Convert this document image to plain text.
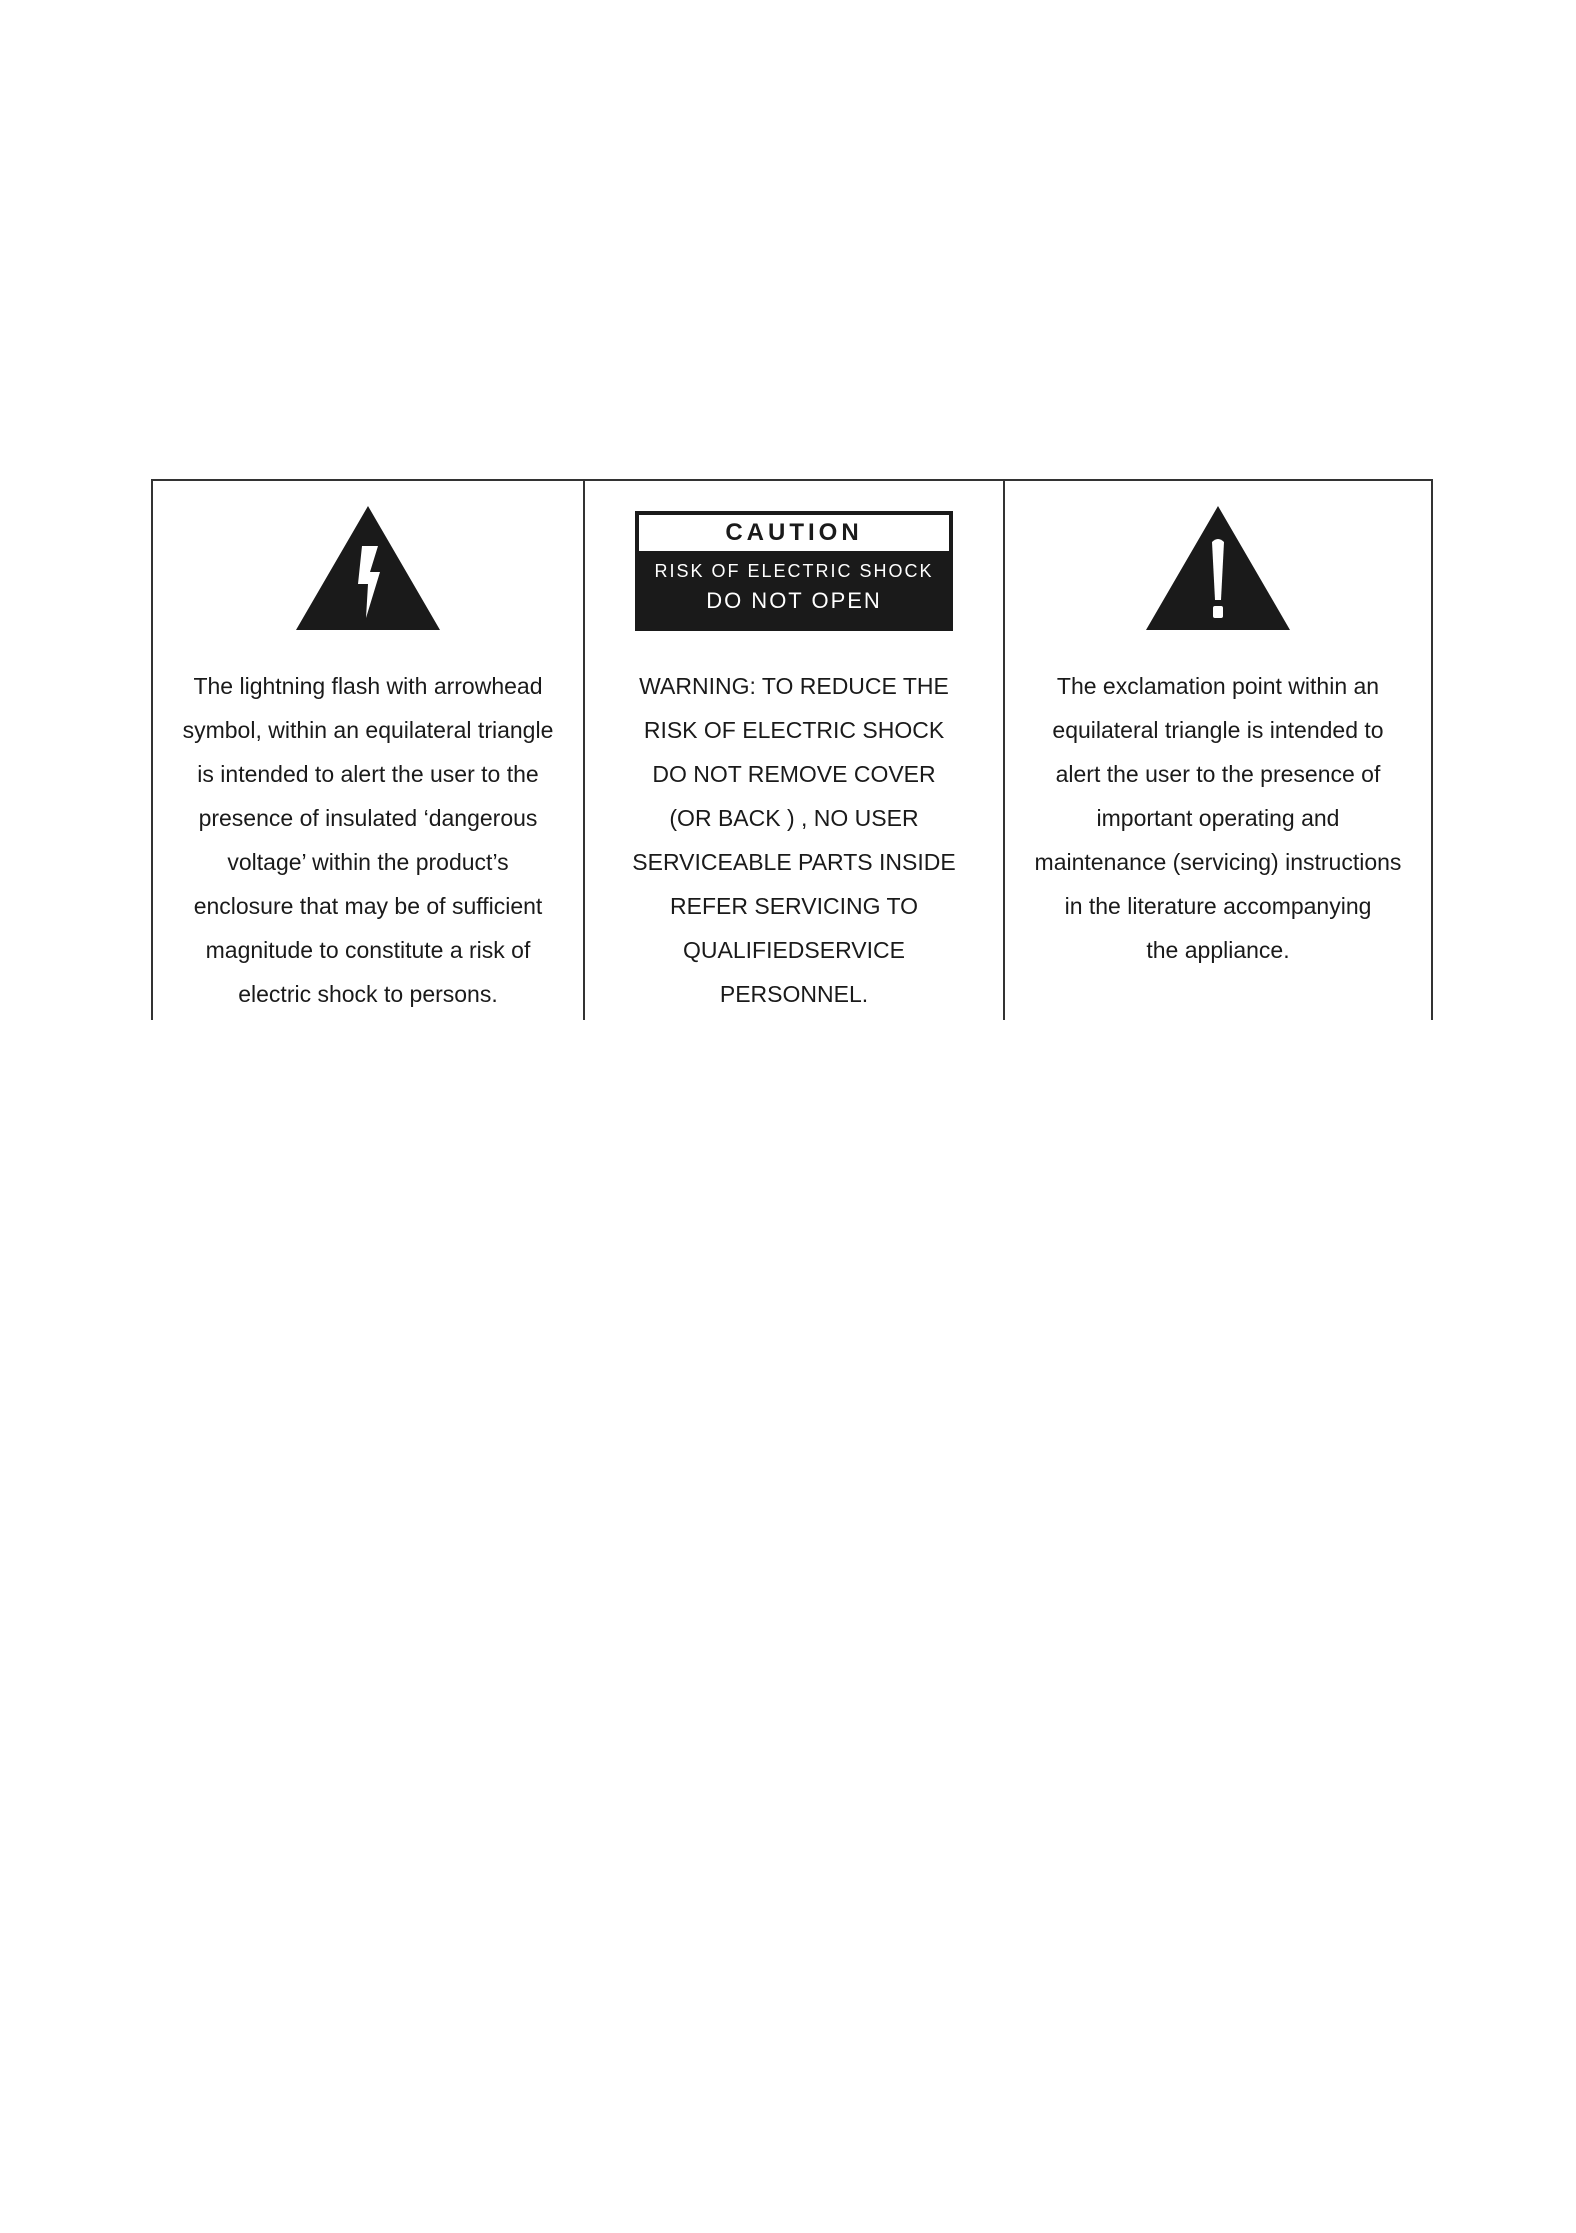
The lightning flash with arrowhead
symbol, within an equilateral triangle
is intended to alert the user to the
presence of insulated ‘dangerous
voltage’ within the product’s
enclosure that may be of sufficient
magnitude to constitute a risk of
electric shock to persons.
CAUTION
RISK OF ELECTRIC SHOCK
DO NOT OPEN
WARNING: TO REDUCE THE
RISK OF ELECTRIC SHOCK
DO NOT REMOVE COVER
(OR BACK ) , NO USER
SERVICEABLE PARTS INSIDE
REFER SERVICING TO
QUALIFIEDSERVICE
PERSONNEL.
The exclamation point within an
equilateral triangle is intended to
alert the user to the presence of
important operating and
maintenance (servicing) instructions
in the literature accompanying
the appliance.
